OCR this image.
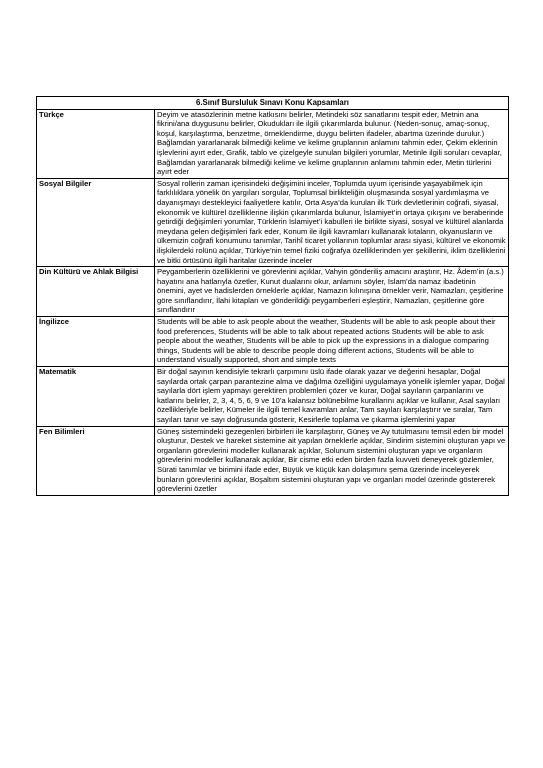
6.Sınıf Bursluluk Sınavı Konu Kapsamları	
Türkçe	Deyim ve atasözlerinin metne katkısını belirler, Metindeki söz sanatlarını tespit eder, Metnin ana fikrini/ana duygusunu belirler, Okudukları ile ilgili çıkarımlarda bulunur. (Neden-sonuç, amaç-sonuç, koşul, karşılaştırma, benzetme, örneklendirme, duygu belirten ifadeler, abartma üzerinde durulur.) Bağlamdan yararlanarak bilmediği kelime ve kelime gruplarının anlamını tahmin eder, Çekim eklerinin işlevlerini ayırt eder, Grafik, tablo ve çizelgeyle sunulan bilgileri yorumlar, Metinle ilgili soruları cevaplar, Bağlamdan yararlanarak bilmediği kelime ve kelime gruplarının anlamını tahmin eder, Metin türlerini ayırt eder
Sosyal Bilgiler	Sosyal rollerin zaman içerisindeki değişimini inceler, Toplumda uyum içerisinde yaşayabilmek için farklılıklara yönelik ön yargıları sorgular, Toplumsal birlikteliğin oluşmasında sosyal yardımlaşma ve dayanışmayı destekleyici faaliyetlere katılır, Orta Asya’da kurulan ilk Türk devletlerinin coğrafi, siyasal, ekonomik ve kültürel özelliklerine ilişkin çıkarımlarda bulunur, İslamiyet’in ortaya çıkışını ve beraberinde getirdiği değişimleri yorumlar, Türklerin İslamiyet’i kabulleri ile birlikte siyasi, sosyal ve kültürel alanlarda meydana gelen değişimleri fark eder, Konum ile ilgili kavramları kullanarak kıtaların, okyanusların ve ülkemizin coğrafi konumunu tanımlar, Tarihî ticaret yollarının toplumlar arası siyasi, kültürel ve ekonomik ilişkilerdeki rolünü açıklar, Türkiye’nin temel fiziki coğrafya özelliklerinden yer şekillerini, iklim özelliklerini ve bitki örtüsünü ilgili haritalar üzerinde inceler
Din Kültürü ve Ahlak Bilgisi	Peygamberlerin özelliklerini ve görevlerini açıklar, Vahyin gönderiliş amacını araştırır, Hz. Âdem’in (a.s.) hayatını ana hatlarıyla özetler, Kunut dualarını okur, anlamını söyler, İslam’da namaz ibadetinin önemini, ayet ve hadislerden örneklerle açıklar, Namazın kılınışına örnekler verir, Namazları, çeşitlerine göre sınıflandırır, İlahi kitapları ve gönderildiği peygamberleri eşleştirir, Namazları, çeşitlerine göre sınıflandırır
İngilizce	Students will be able to ask people about the weather, Students will be able to ask people about their food preferences, Students will be able to talk about repeated actions Students will be able to ask people about the weather, Students will be able to pick up the expressions in a dialogue comparing things, Students will be able to describe people doing different actions, Students will be able to understand visually supported, short and simple texts
Matematik	Bir doğal sayının kendisiyle tekrarlı çarpımını üslü ifade olarak yazar ve değerini hesaplar, Doğal sayılarda ortak çarpan parantezine alma ve dağılma özelliğini uygulamaya yönelik işlemler yapar, Doğal sayılarla dört işlem yapmayı gerektiren problemleri çözer ve kurar, Doğal sayıların çarpanlarını ve katlarını belirler, 2, 3, 4, 5, 6, 9 ve 10’a kalansız bölünebilme kurallarını açıklar ve kullanır, Asal sayıları özellikleriyle belirler, Kümeler ile ilgili temel kavramları anlar, Tam sayıları karşılaştırır ve sıralar, Tam sayıları tanır ve sayı doğrusunda gösterir, Kesirlerle toplama ve çıkarma işlemlerini yapar
Fen Bilimleri	Güneş sistemindeki gezegenleri birbirleri ile karşılaştırır, Güneş ve Ay tutulmasını temsil eden bir model oluşturur, Destek ve hareket sistemine ait yapılan örneklerle açıklar, Sindirim sistemini oluşturan yapı ve organların görevlerini modeller kullanarak açıklar, Solunum sistemini oluşturan yapı ve organların görevlerini modeller kullanarak açıklar, Bir cisme etki eden birden fazla kuvveti deneyerek gözlemler, Sürati tanımlar ve birimini ifade eder, Büyük ve küçük kan dolaşımını şema üzerinde inceleyerek bunların görevlerini açıklar, Boşaltım sistemini oluşturan yapı ve organları model üzerinde göstererek görevlerini özetler
